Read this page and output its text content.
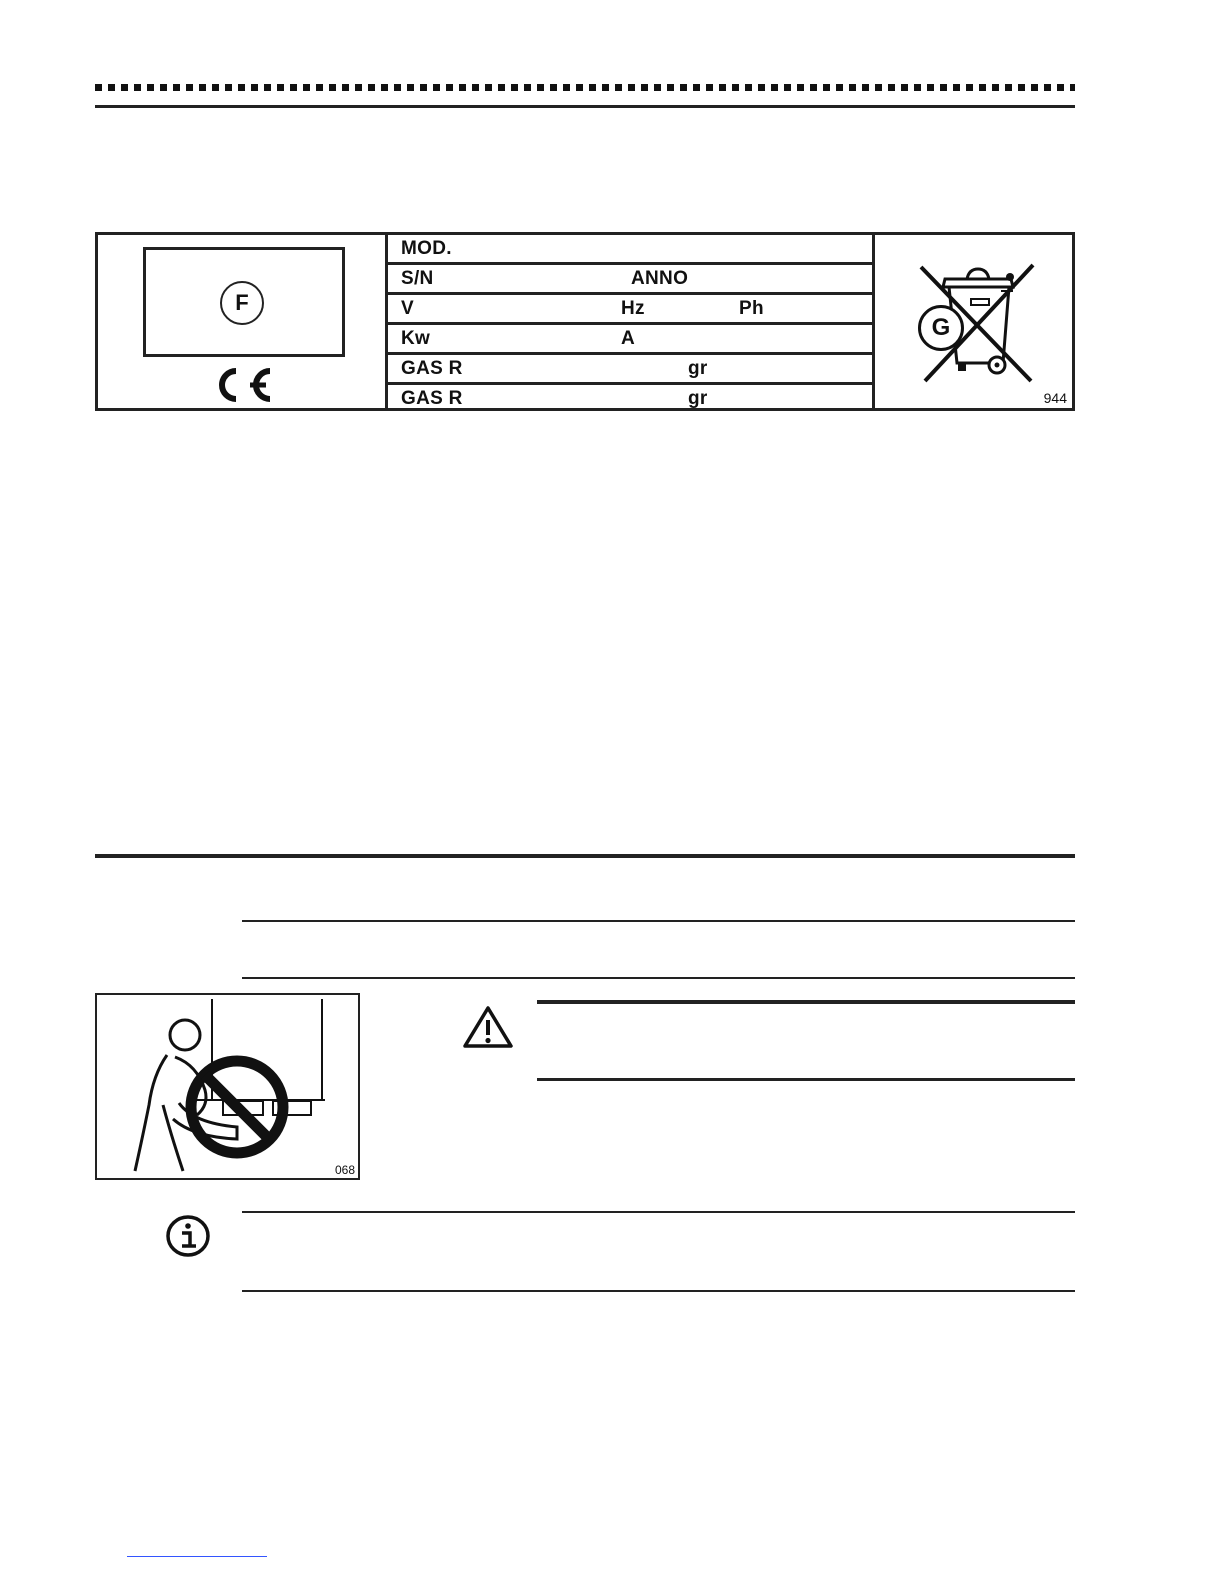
F
MOD.
S/N	ANNO
V	Hz	Ph
Kw	A
GAS R	gr
GAS R	gr
G
944
068
